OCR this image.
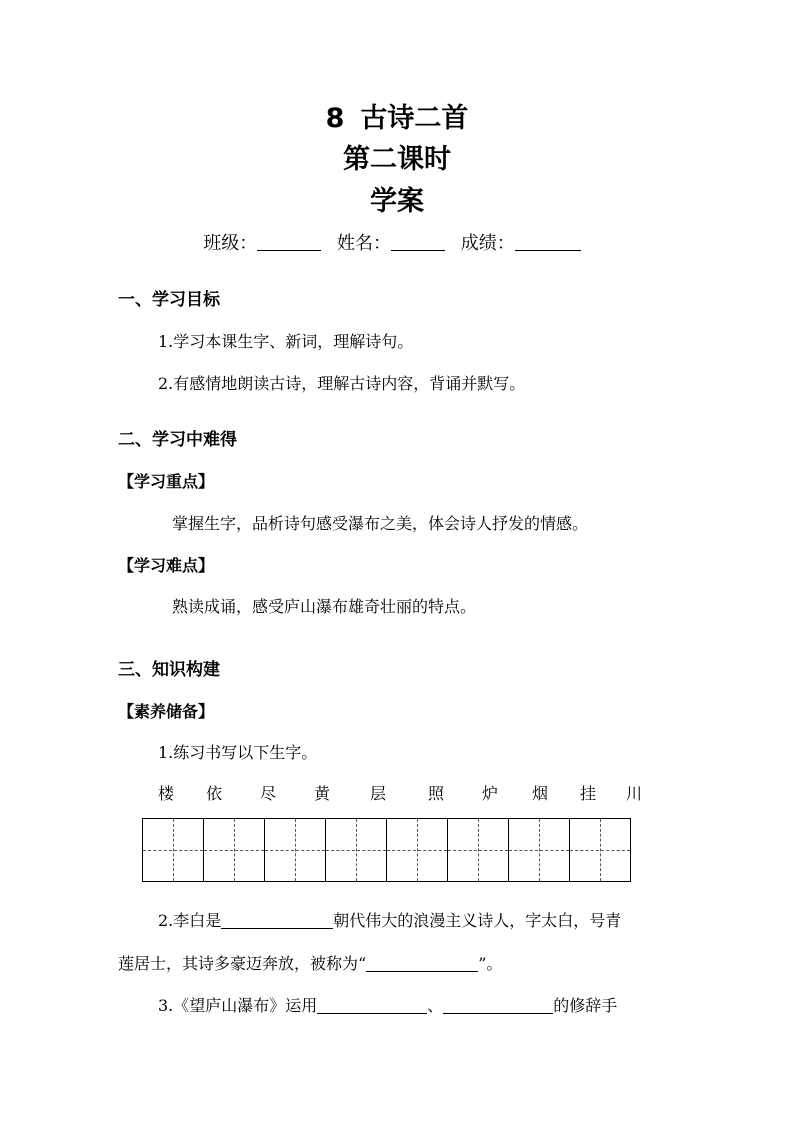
8 古诗二首
第二课时
学案
班级：	姓名：	成绩：
一、学习目标
1.学习本课生字、新词，理解诗句。
2.有感情地朗读古诗，理解古诗内容，背诵并默写。
二、学习中难得
【学习重点】
掌握生字，品析诗句感受瀑布之美，体会诗人抒发的情感。
【学习难点】
熟读成诵，感受庐山瀑布雄奇壮丽的特点。
三、知识构建
【素养储备】
1.练习书写以下生字。
楼 依 尽 黄 层	照 炉 烟 挂 川
2.李白是	朝代伟大的浪漫主义诗人，字太白，号青
莲居士，其诗多豪迈奔放，被称为“	”。
3.《望庐山瀑布》运用	、	的修辞手
